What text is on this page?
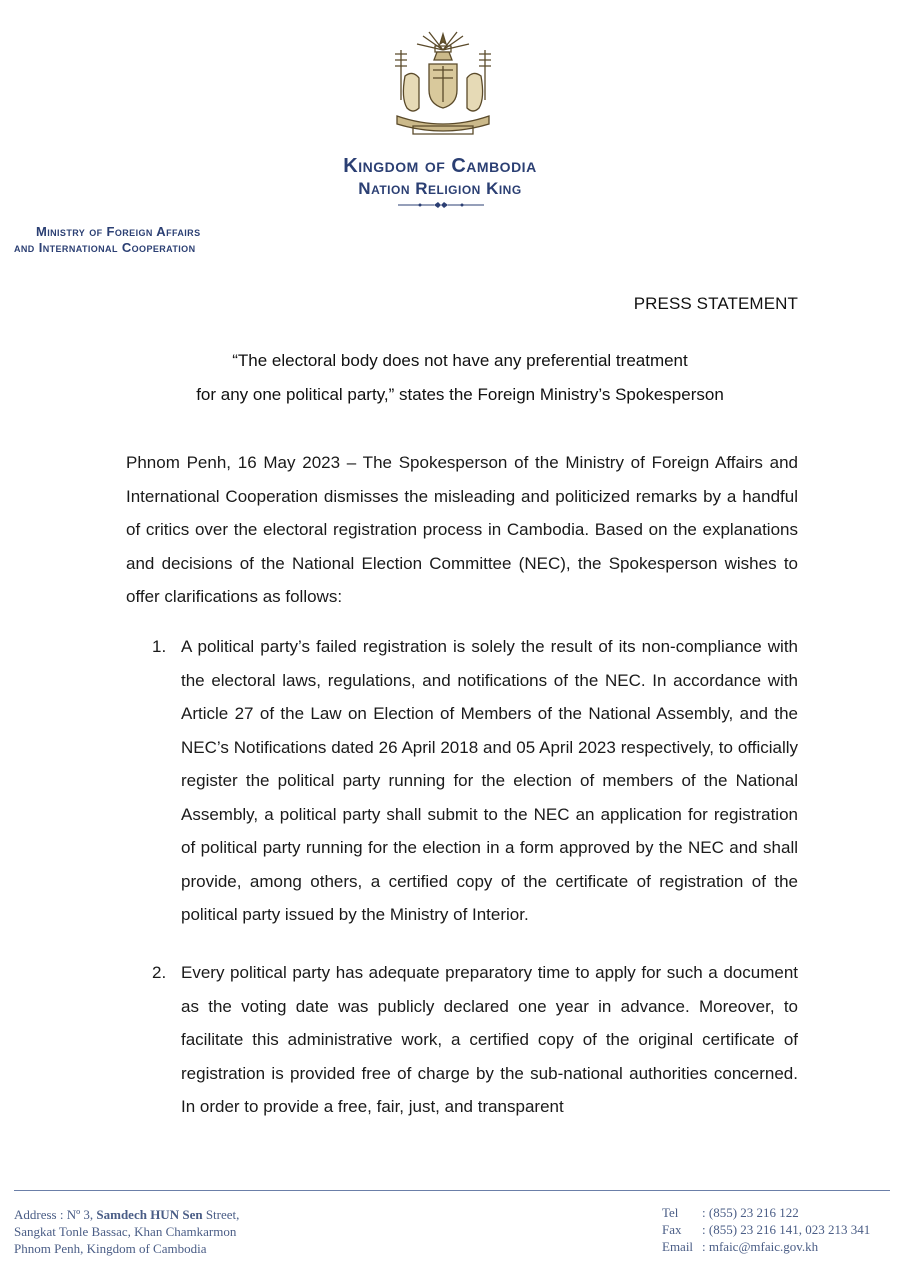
Kingdom of Cambodia
Nation Religion King
Ministry of Foreign Affairs
and International Cooperation
PRESS STATEMENT
“The electoral body does not have any preferential treatment
for any one political party,” states the Foreign Ministry’s Spokesperson
Phnom Penh, 16 May 2023 – The Spokesperson of the Ministry of Foreign Affairs and International Cooperation dismisses the misleading and politicized remarks by a handful of critics over the electoral registration process in Cambodia. Based on the explanations and decisions of the National Election Committee (NEC), the Spokesperson wishes to offer clarifications as follows:
1. A political party’s failed registration is solely the result of its non-compliance with the electoral laws, regulations, and notifications of the NEC. In accordance with Article 27 of the Law on Election of Members of the National Assembly, and the NEC’s Notifications dated 26 April 2018 and 05 April 2023 respectively, to officially register the political party running for the election of members of the National Assembly, a political party shall submit to the NEC an application for registration of political party running for the election in a form approved by the NEC and shall provide, among others, a certified copy of the certificate of registration of the political party issued by the Ministry of Interior.
2. Every political party has adequate preparatory time to apply for such a document as the voting date was publicly declared one year in advance. Moreover, to facilitate this administrative work, a certified copy of the original certificate of registration is provided free of charge by the sub-national authorities concerned. In order to provide a free, fair, just, and transparent
Address : Nº 3, Samdech HUN Sen Street,
Sangkat Tonle Bassac, Khan Chamkarmon
Phnom Penh, Kingdom of Cambodia
Tel : (855) 23 216 122
Fax : (855) 23 216 141, 023 213 341
Email : mfaic@mfaic.gov.kh
